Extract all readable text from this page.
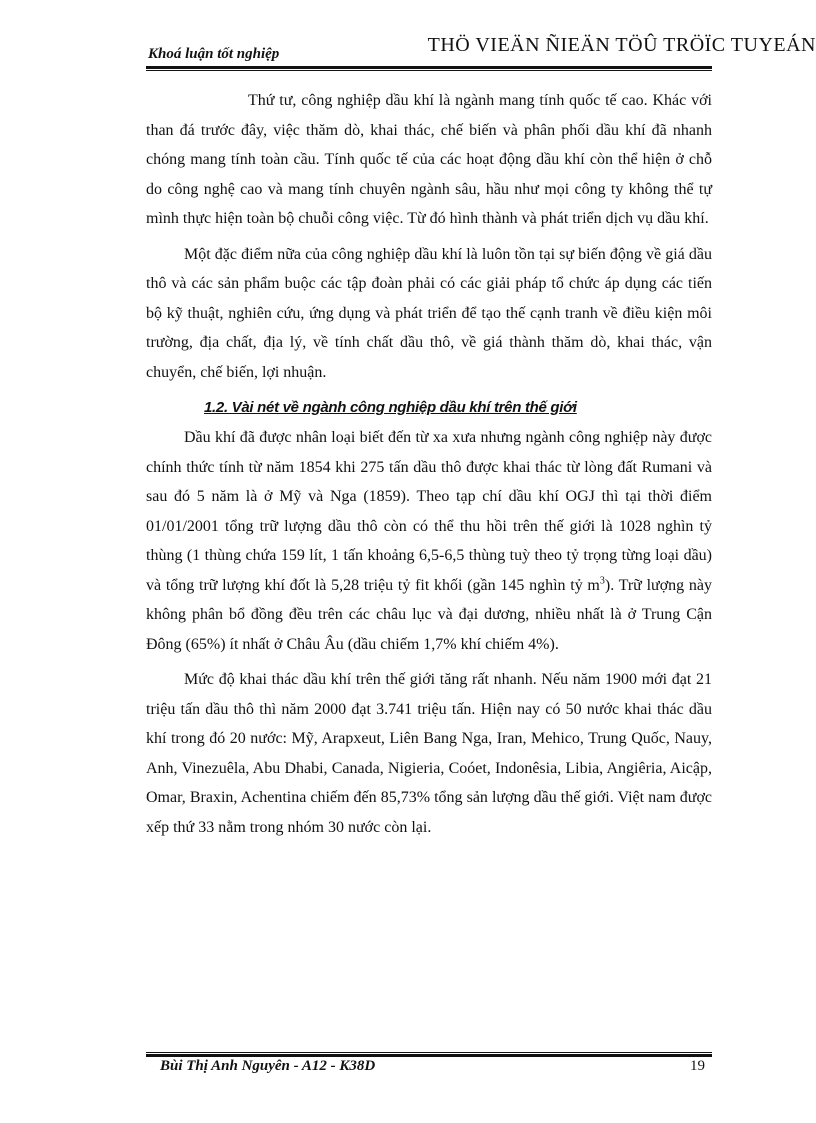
Khoá luận tốt nghiệp	THÖ VIEÄN ÑIEÄN TÖÛ TRÖÏC TUYEÁN

Thứ tư, công nghiệp dầu khí là ngành mang tính quốc tế cao. Khác với than đá trước đây, việc thăm dò, khai thác, chế biến và phân phối dầu khí đã nhanh chóng mang tính toàn cầu. Tính quốc tế của các hoạt động dầu khí còn thể hiện ở chỗ do công nghệ cao và mang tính chuyên ngành sâu, hầu như mọi công ty không thể tự mình thực hiện toàn bộ chuỗi công việc. Từ đó hình thành và phát triển dịch vụ dầu khí.

Một đặc điểm nữa của công nghiệp dầu khí là luôn tồn tại sự biến động về giá dầu thô và các sản phẩm buộc các tập đoàn phải có các giải pháp tổ chức áp dụng các tiến bộ kỹ thuật, nghiên cứu, ứng dụng và phát triển để tạo thế cạnh tranh về điều kiện môi trường, địa chất, địa lý, về tính chất dầu thô, về giá thành thăm dò, khai thác, vận chuyển, chế biến, lợi nhuận.

1.2. Vài nét về ngành công nghiệp dầu khí trên thế giới

Dầu khí đã được nhân loại biết đến từ xa xưa nhưng ngành công nghiệp này được chính thức tính từ năm 1854 khi 275 tấn dầu thô được khai thác từ lòng đất Rumani và sau đó 5 năm là ở Mỹ và Nga (1859). Theo tạp chí dầu khí OGJ thì tại thời điểm 01/01/2001 tổng trữ lượng dầu thô còn có thể thu hồi trên thế giới là 1028 nghìn tỷ thùng (1 thùng chứa 159 lít, 1 tấn khoảng 6,5-6,5 thùng tuỳ theo tỷ trọng từng loại dầu) và tổng trữ lượng khí đốt là 5,28 triệu tỷ fit khối (gần 145 nghìn tỷ $m^3$). Trữ lượng này không phân bổ đồng đều trên các châu lục và đại dương, nhiều nhất là ở Trung Cận Đông (65%) ít nhất ở Châu Âu (dầu chiếm 1,7% khí chiếm 4%).

Mức độ khai thác dầu khí trên thế giới tăng rất nhanh. Nếu năm 1900 mới đạt 21 triệu tấn dầu thô thì năm 2000 đạt 3.741 triệu tấn. Hiện nay có 50 nước khai thác dầu khí trong đó 20 nước: Mỹ, Arapxeut, Liên Bang Nga, Iran, Mehico, Trung Quốc, Nauy, Anh, Vinezuêla, Abu Dhabi, Canada, Nigieria, Coóet, Indonêsia, Libia, Angiêria, Aicập, Omar, Braxin, Achentina chiếm đến 85,73% tổng sản lượng dầu thế giới. Việt nam được xếp thứ 33 nằm trong nhóm 30 nước còn lại.

Bùi Thị Anh Nguyên - A12 - K38D	19
